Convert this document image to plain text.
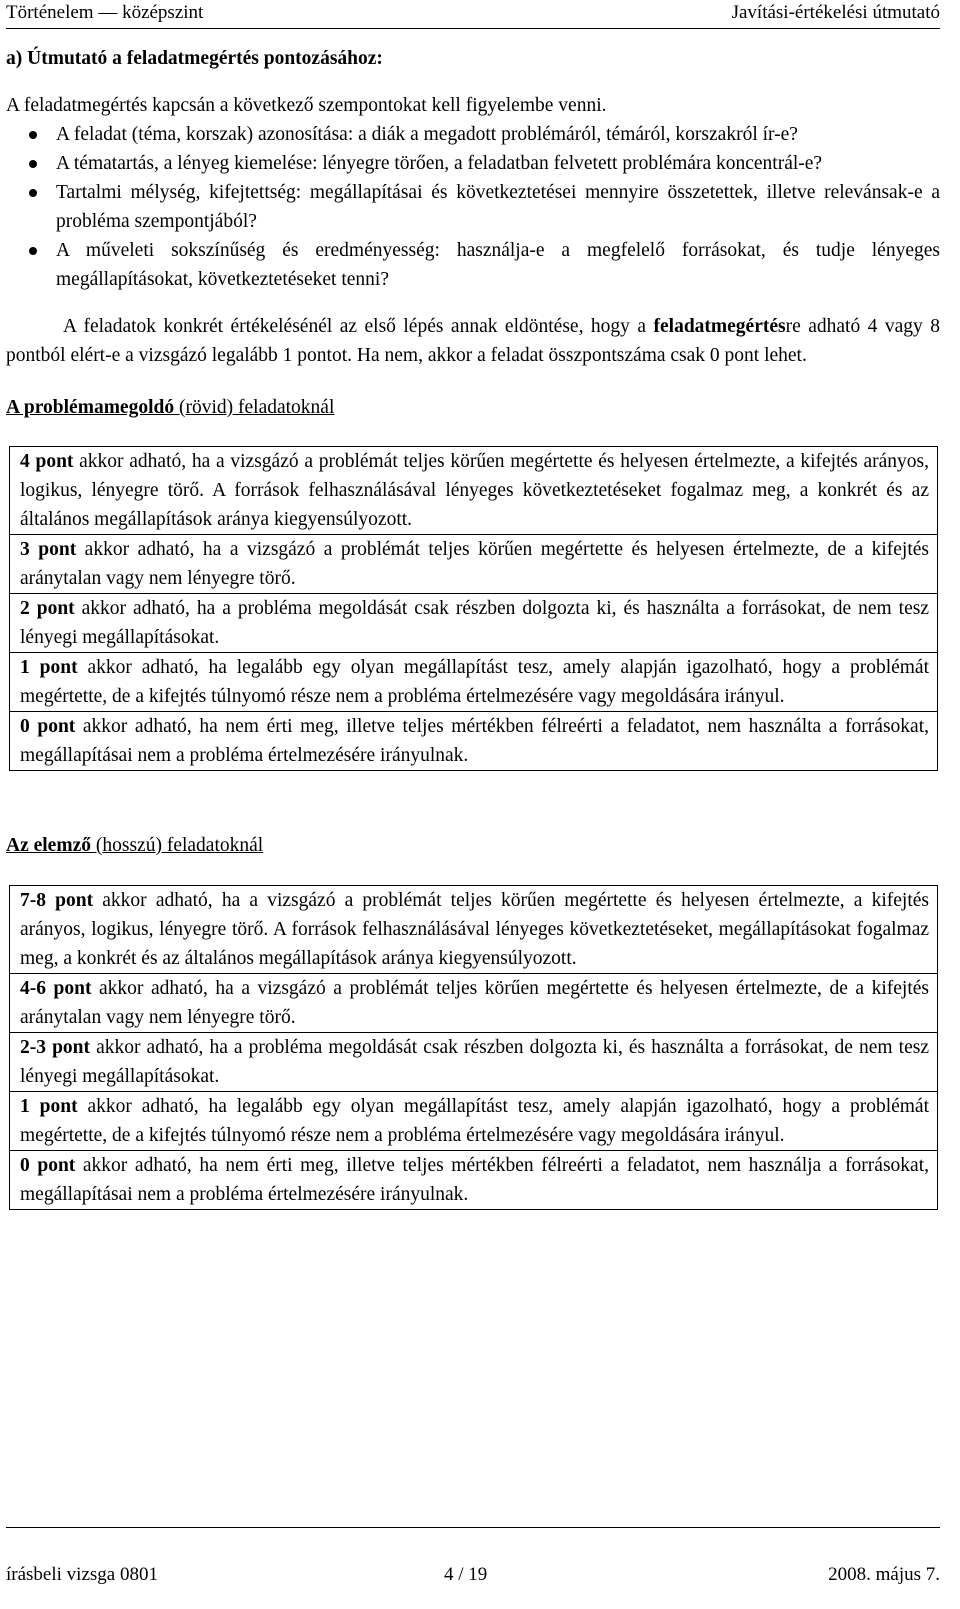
Történelem — középszint	Javítási-értékelési útmutató

a) Útmutató a feladatmegértés pontozásához:

A feladatmegértés kapcsán a következő szempontokat kell figyelembe venni.

A feladat (téma, korszak) azonosítása: a diák a megadott problémáról, témáról, korszakról ír-e?
A tématartás, a lényeg kiemelése: lényegre törően, a feladatban felvetett problémára koncentrál-e?
Tartalmi mélység, kifejtettség: megállapításai és következtetései mennyire összetettek, illetve relevánsak-e a probléma szempontjából?
A műveleti sokszínűség és eredményesség: használja-e a megfelelő forrásokat, és tudje lényeges megállapításokat, következtetéseket tenni?

A feladatok konkrét értékelésénél az első lépés annak eldöntése, hogy a feladatmegértésre adható 4 vagy 8 pontból elért-e a vizsgázó legalább 1 pontot. Ha nem, akkor a feladat összpontszáma csak 0 pont lehet.

A problémamegoldó (rövid) feladatoknál

4 pont akkor adható, ha a vizsgázó a problémát teljes körűen megértette és helyesen értelmezte, a kifejtés arányos, logikus, lényegre törő. A források felhasználásával lényeges következtetéseket fogalmaz meg, a konkrét és az általános megállapítások aránya kiegyensúlyozott.
3 pont akkor adható, ha a vizsgázó a problémát teljes körűen megértette és helyesen értelmezte, de a kifejtés aránytalan vagy nem lényegre törő.
2 pont akkor adható, ha a probléma megoldását csak részben dolgozta ki, és használta a forrásokat, de nem tesz lényegi megállapításokat.
1 pont akkor adható, ha legalább egy olyan megállapítást tesz, amely alapján igazolható, hogy a problémát megértette, de a kifejtés túlnyomó része nem a probléma értelmezésére vagy megoldására irányul.
0 pont akkor adható, ha nem érti meg, illetve teljes mértékben félreérti a feladatot, nem használta a forrásokat, megállapításai nem a probléma értelmezésére irányulnak.

Az elemző (hosszú) feladatoknál

7-8 pont akkor adható, ha a vizsgázó a problémát teljes körűen megértette és helyesen értelmezte, a kifejtés arányos, logikus, lényegre törő. A források felhasználásával lényeges következtetéseket, megállapításokat fogalmaz meg, a konkrét és az általános megállapítások aránya kiegyensúlyozott.
4-6 pont akkor adható, ha a vizsgázó a problémát teljes körűen megértette és helyesen értelmezte, de a kifejtés aránytalan vagy nem lényegre törő.
2-3 pont akkor adható, ha a probléma megoldását csak részben dolgozta ki, és használta a forrásokat, de nem tesz lényegi megállapításokat.
1 pont akkor adható, ha legalább egy olyan megállapítást tesz, amely alapján igazolható, hogy a problémát megértette, de a kifejtés túlnyomó része nem a probléma értelmezésére vagy megoldására irányul.
0 pont akkor adható, ha nem érti meg, illetve teljes mértékben félreérti a feladatot, nem használja a forrásokat, megállapításai nem a probléma értelmezésére irányulnak.
írásbeli vizsga 0801	4 / 19	2008. május 7.
